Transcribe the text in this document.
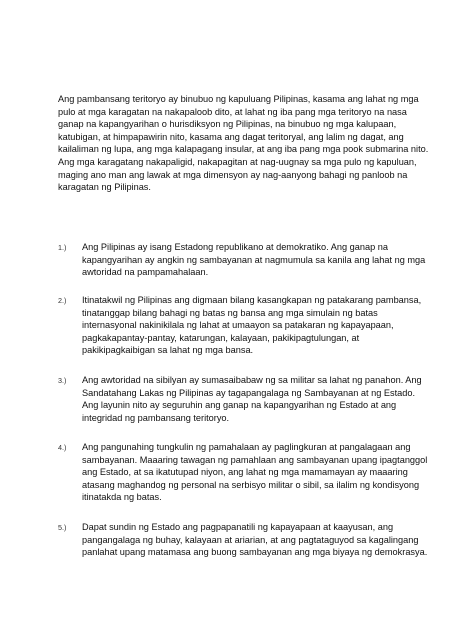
Ang pambansang teritoryo ay binubuo ng kapuluang Pilipinas, kasama ang lahat ng mga pulo at mga karagatan na nakapaloob dito, at lahat ng iba pang mga teritoryo na nasa ganap na kapangyarihan o hurisdiksyon ng Pilipinas, na binubuo ng mga kalupaan, katubigan, at himpapawirin nito, kasama ang dagat teritoryal, ang lalim ng dagat, ang kailaliman ng lupa, ang mga kalapagang insular, at ang iba pang mga pook submarina nito. Ang mga karagatang nakapaligid, nakapagitan at nag-uugnay sa mga pulo ng kapuluan, maging ano man ang lawak at mga dimensyon ay nag-aanyong bahagi ng panloob na karagatan ng Pilipinas.

1.) Ang Pilipinas ay isang Estadong republikano at demokratiko. Ang ganap na kapangyarihan ay angkin ng sambayanan at nagmumula sa kanila ang lahat ng mga awtoridad na pampamahalaan.

2.) Itinatakwil ng Pilipinas ang digmaan bilang kasangkapan ng patakarang pambansa, tinatanggap bilang bahagi ng batas ng bansa ang mga simulain ng batas internasyonal nakinikilala ng lahat at umaayon sa patakaran ng kapayapaan, pagkakapantay-pantay, katarungan, kalayaan, pakikipagtulungan, at pakikipagkaibigan sa lahat ng mga bansa.

3.) Ang awtoridad na sibilyan ay sumasaibabaw ng sa militar sa lahat ng panahon. Ang Sandatahang Lakas ng Pilipinas ay tagapangalaga ng Sambayanan at ng Estado. Ang layunin nito ay seguruhin ang ganap na kapangyarihan ng Estado at ang integridad ng pambansang teritoryo.

4.) Ang pangunahing tungkulin ng pamahalaan ay paglingkuran at pangalagaan ang sambayanan. Maaaring tawagan ng pamahlaan ang sambayanan upang ipagtanggol ang Estado, at sa ikatutupad niyon, ang lahat ng mga mamamayan ay maaaring atasang maghandog ng personal na serbisyo militar o sibil, sa ilalim ng kondisyong itinatakda ng batas.

5.) Dapat sundin ng Estado ang pagpapanatili ng kapayapaan at kaayusan, ang pangangalaga ng buhay, kalayaan at ariarian, at ang pagtataguyod sa kagalingang panlahat upang matamasa ang buong sambayanan ang mga biyaya ng demokrasya.
